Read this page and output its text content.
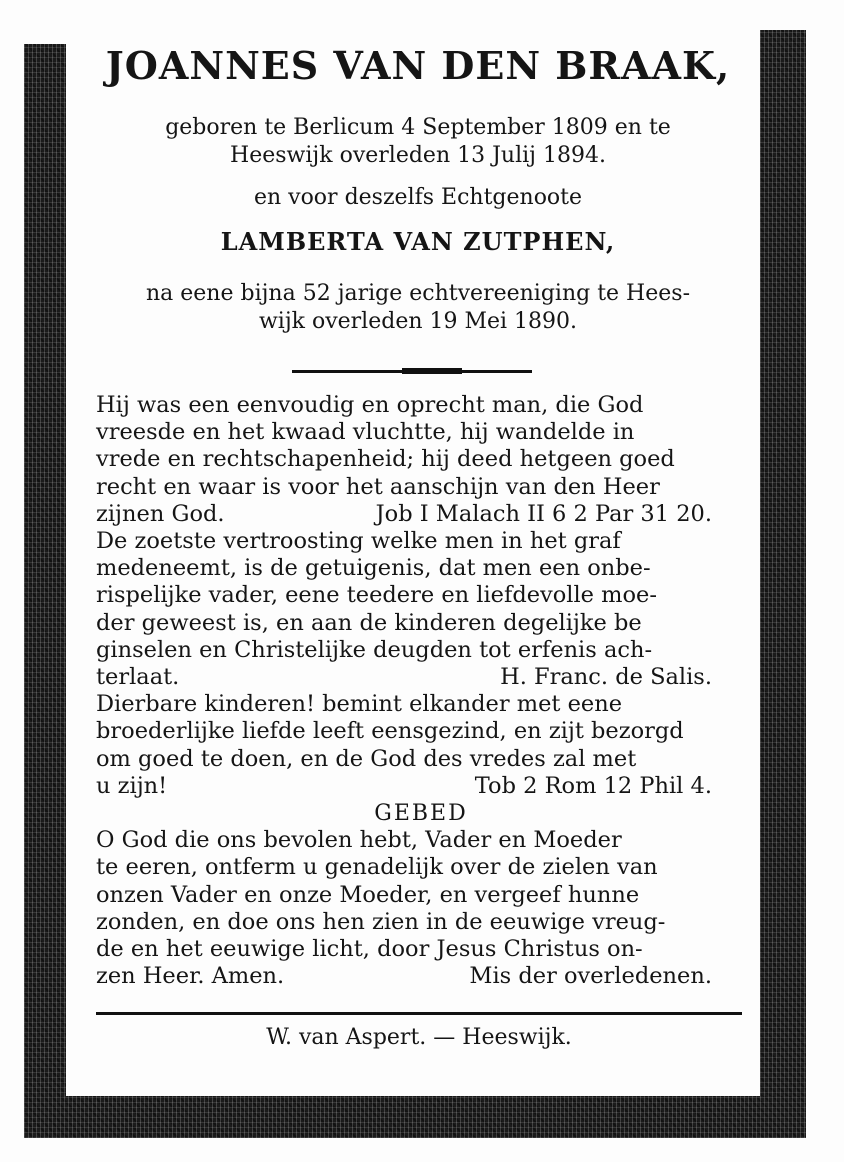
JOANNES VAN DEN BRAAK,
geboren te Berlicum 4 September 1809 en te
Heeswijk overleden 13 Julij 1894.
en voor deszelfs Echtgenoote
LAMBERTA VAN ZUTPHEN,
na eene bijna 52 jarige echtvereeniging te Hees-
wijk overleden 19 Mei 1890.
Hij was een eenvoudig en oprecht man, die God
vreesde en het kwaad vluchtte, hij wandelde in
vrede en rechtschapenheid; hij deed hetgeen goed
recht en waar is voor het aanschijn van den Heer
zijnen God.	Job I Malach II 6 2 Par 31 20.
De zoetste vertroosting welke men in het graf
medeneemt, is de getuigenis, dat men een onbe-
rispelijke vader, eene teedere en liefdevolle moe-
der geweest is, en aan de kinderen degelijke be
ginselen en Christelijke deugden tot erfenis ach-
terlaat.	H. Franc. de Salis.
Dierbare kinderen! bemint elkander met eene
broederlijke liefde leeft eensgezind, en zijt bezorgd
om goed te doen, en de God des vredes zal met
u zijn!	Tob 2 Rom 12 Phil 4.
GEBED
O God die ons bevolen hebt, Vader en Moeder
te eeren, ontferm u genadelijk over de zielen van
onzen Vader en onze Moeder, en vergeef hunne
zonden, en doe ons hen zien in de eeuwige vreug-
de en het eeuwige licht, door Jesus Christus on-
zen Heer. Amen.	Mis der overledenen.
W. van Aspert. — Heeswijk.
